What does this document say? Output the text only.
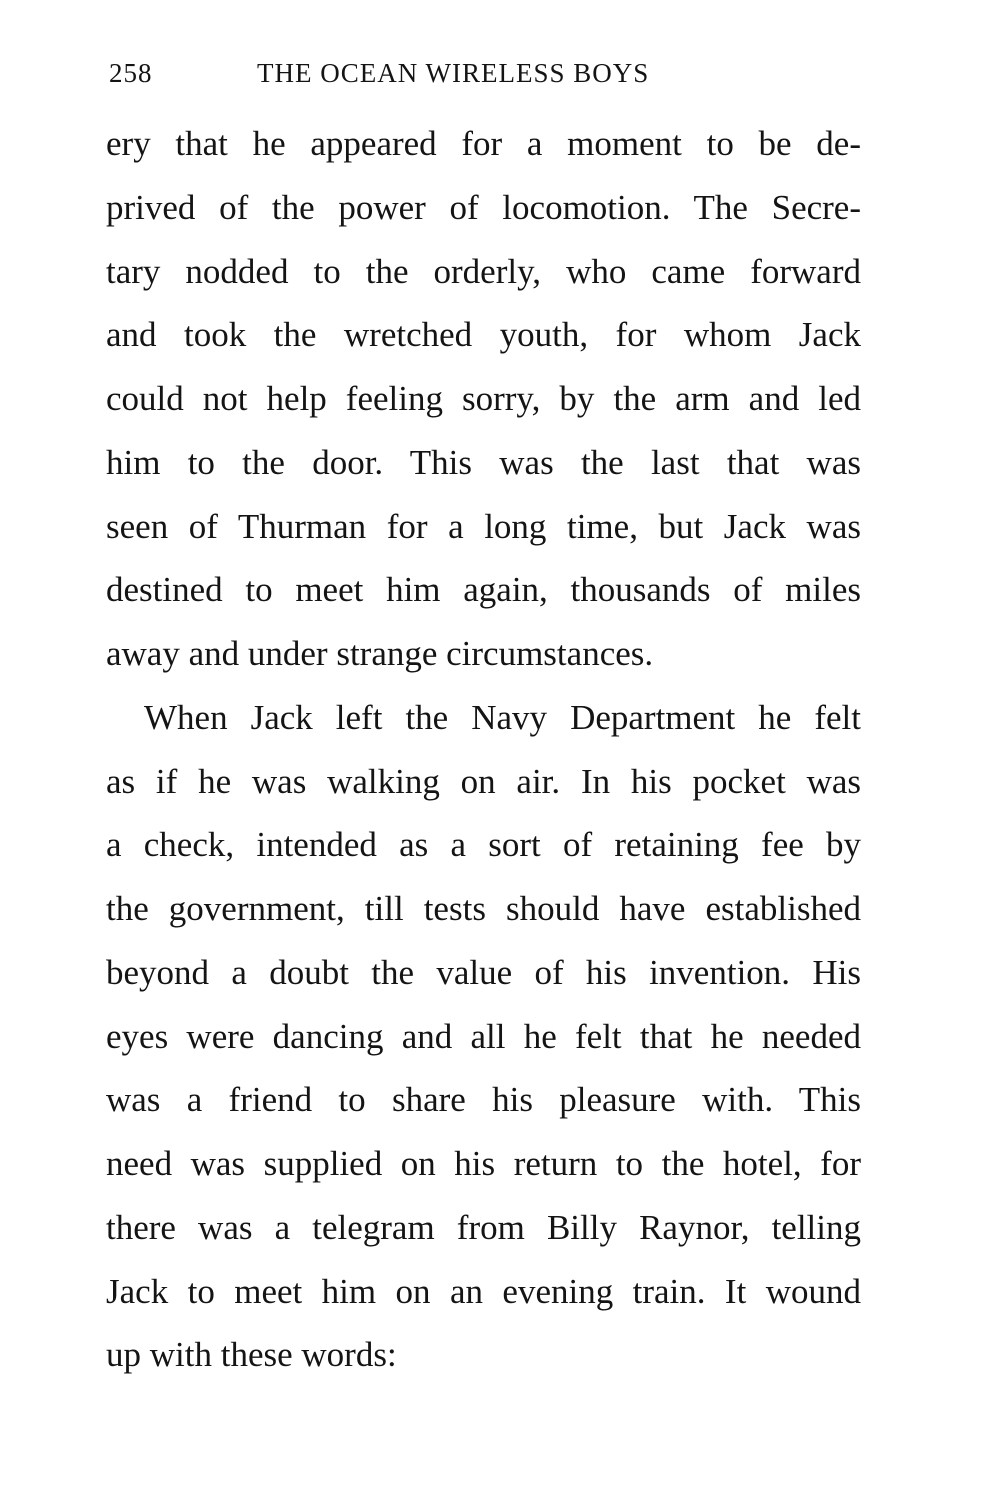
258	THE OCEAN WIRELESS BOYS
ery that he appeared for a moment to be de-
prived of the power of locomotion. The Secre-
tary nodded to the orderly, who came forward
and took the wretched youth, for whom Jack
could not help feeling sorry, by the arm and led
him to the door. This was the last that was
seen of Thurman for a long time, but Jack was
destined to meet him again, thousands of miles
away and under strange circumstances.
When Jack left the Navy Department he felt
as if he was walking on air. In his pocket was
a check, intended as a sort of retaining fee by
the government, till tests should have established
beyond a doubt the value of his invention. His
eyes were dancing and all he felt that he needed
was a friend to share his pleasure with. This
need was supplied on his return to the hotel, for
there was a telegram from Billy Raynor, telling
Jack to meet him on an evening train. It wound
up with these words:
